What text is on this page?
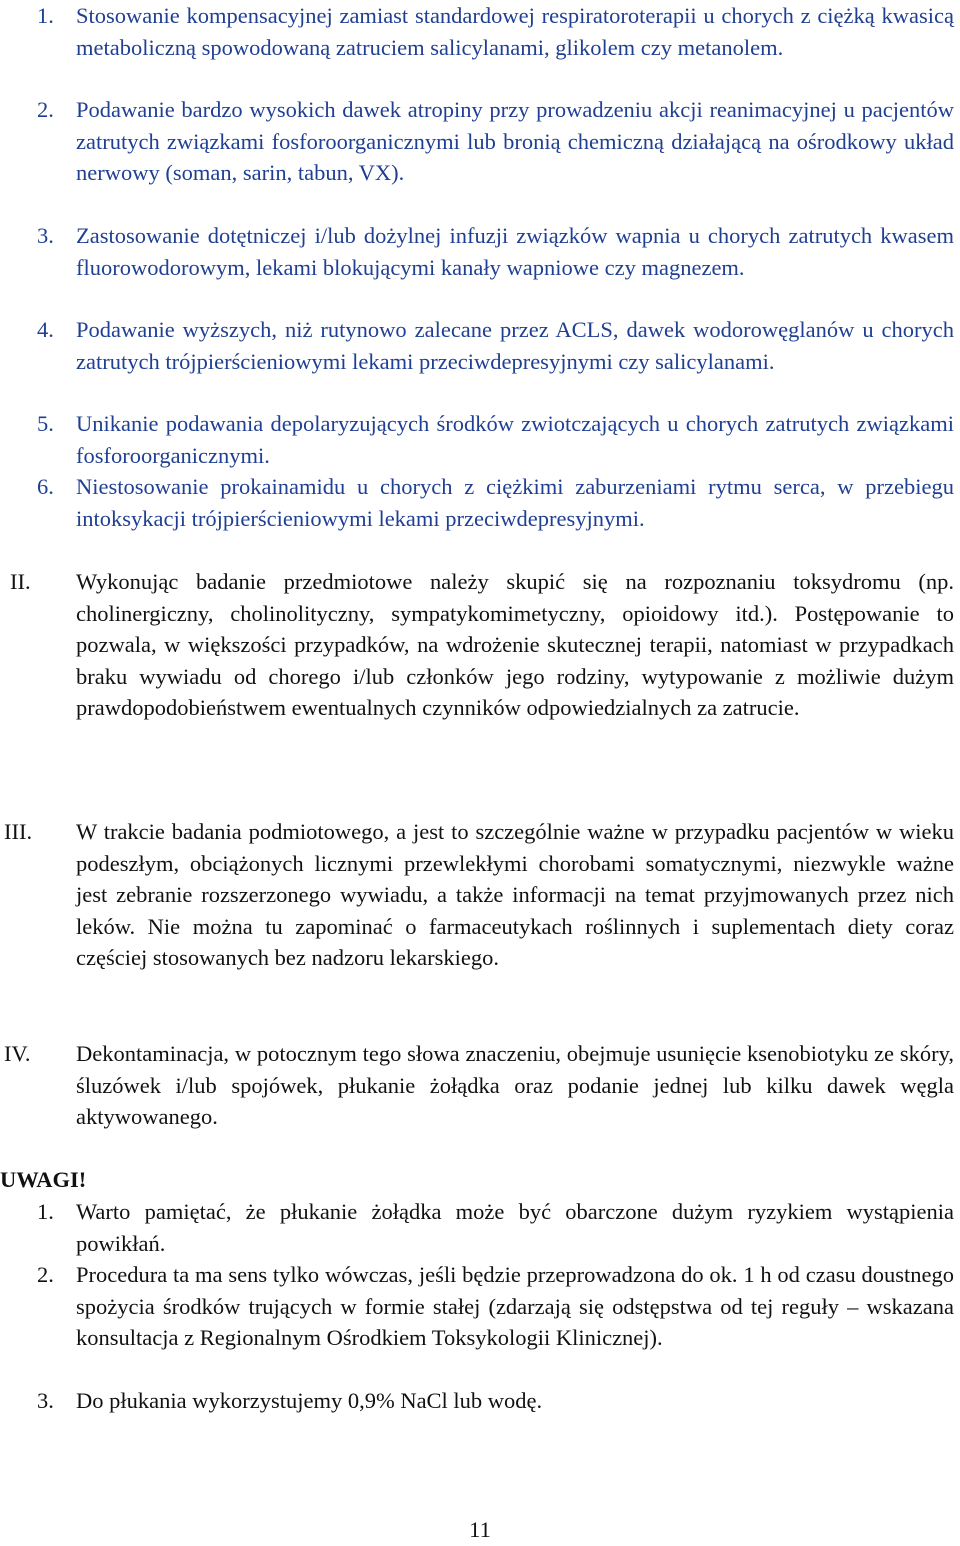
1. Stosowanie kompensacyjnej zamiast standardowej respiratoroterapii u chorych z ciężką kwasicą metaboliczną spowodowaną zatruciem salicylanami, glikolem czy metanolem.
2. Podawanie bardzo wysokich dawek atropiny przy prowadzeniu akcji reanimacyjnej u pacjentów zatrutych związkami fosforoorganicznymi lub bronią chemiczną działającą na ośrodkowy układ nerwowy (soman, sarin, tabun, VX).
3. Zastosowanie dotętniczej i/lub dożylnej infuzji związków wapnia u chorych zatrutych kwasem fluorowodorowym, lekami blokującymi kanały wapniowe czy magnezem.
4. Podawanie wyższych, niż rutynowo zalecane przez ACLS, dawek wodorowęglanów u chorych zatrutych trójpierścieniowymi lekami przeciwdepresyjnymi czy salicylanami.
5. Unikanie podawania depolaryzujących środków zwiotczających u chorych zatrutych związkami fosforoorganicznymi.
6. Niestosowanie prokainamidu u chorych z ciężkimi zaburzeniami rytmu serca, w przebiegu intoksykacji trójpierścieniowymi lekami przeciwdepresyjnymi.
II. Wykonując badanie przedmiotowe należy skupić się na rozpoznaniu toksydromu (np. cholinergiczny, cholinolityczny, sympatykomimetyczny, opioidowy itd.). Postępowanie to pozwala, w większości przypadków, na wdrożenie skutecznej terapii, natomiast w przypadkach braku wywiadu od chorego i/lub członków jego rodziny, wytypowanie z możliwie dużym prawdopodobieństwem ewentualnych czynników odpowiedzialnych za zatrucie.
III. W trakcie badania podmiotowego, a jest to szczególnie ważne w przypadku pacjentów w wieku podeszłym, obciążonych licznymi przewlekłymi chorobami somatycznymi, niezwykle ważne jest zebranie rozszerzonego wywiadu, a także informacji na temat przyjmowanych przez nich leków. Nie można tu zapominać o farmaceutykach roślinnych i suplementach diety coraz częściej stosowanych bez nadzoru lekarskiego.
IV. Dekontaminacja, w potocznym tego słowa znaczeniu, obejmuje usunięcie ksenobiotyku ze skóry, śluzówek i/lub spojówek, płukanie żołądka oraz podanie jednej lub kilku dawek węgla aktywowanego.
UWAGI!
1. Warto pamiętać, że płukanie żołądka może być obarczone dużym ryzykiem wystąpienia powikłań.
2. Procedura ta ma sens tylko wówczas, jeśli będzie przeprowadzona do ok. 1 h od czasu doustnego spożycia środków trujących w formie stałej (zdarzają się odstępstwa od tej reguły – wskazana konsultacja z Regionalnym Ośrodkiem Toksykologii Klinicznej).
3. Do płukania wykorzystujemy 0,9% NaCl lub wodę.
11
